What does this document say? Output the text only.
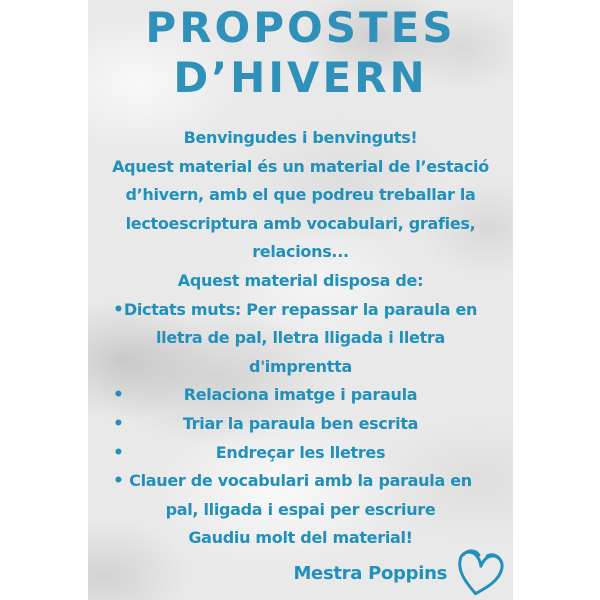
PROPOSTES
D’HIVERN
Benvingudes i benvinguts!
Aquest material és un material de l’estació
d’hivern, amb el que podreu treballar la
lectoescriptura amb vocabulari, grafies,
relacions...
Aquest material disposa de:
• Dictats muts: Per repassar la paraula en
lletra de pal, lletra lligada i lletra
d'imprentta
•	Relaciona imatge i paraula
•	Triar la paraula ben escrita
•	Endreçar les lletres
• Clauer de vocabulari amb la paraula en
pal, lligada i espai per escriure
Gaudiu molt del material!
Mestra Poppins
